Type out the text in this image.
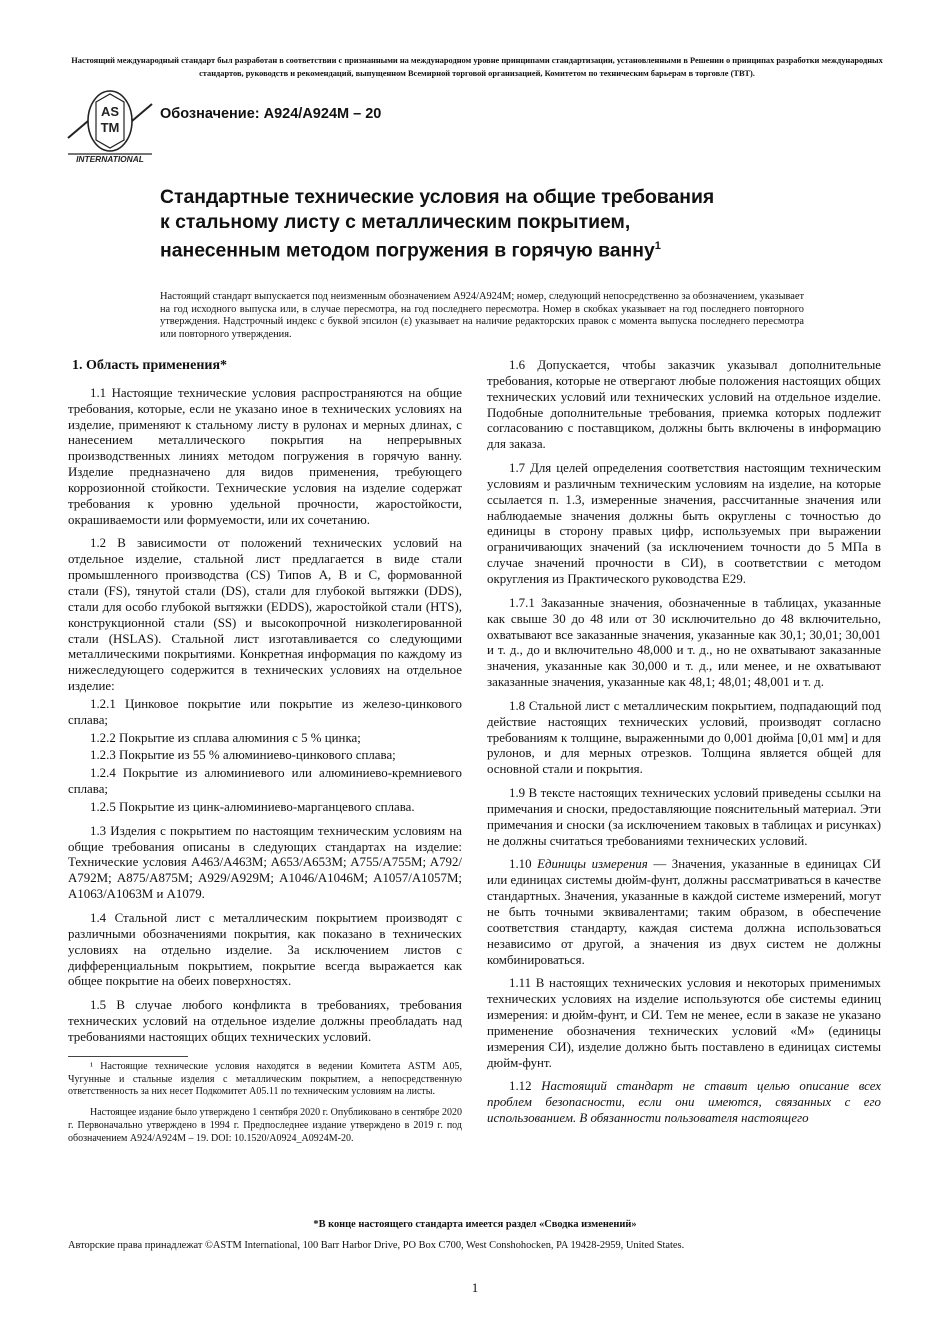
Настоящий международный стандарт был разработан в соответствии с признанными на международном уровне принципами стандартизации, установленными в Решении о принципах разработки международных стандартов, руководств и рекомендаций, выпущенном Всемирной торговой организацией, Комитетом по техническим барьерам в торговле (ТВТ).
AS
TM
INTERNATIONAL
Обозначение: A924/A924M – 20
Стандартные технические условия на общие требования
к стальному листу с металлическим покрытием,
нанесенным методом погружения в горячую ванну$^1$

Настоящий стандарт выпускается под неизменным обозначением A924/A924M; номер, следующий непосредственно за обозначением, указывает на год исходного выпуска или, в случае пересмотра, на год последнего пересмотра. Номер в скобках указывает на год последнего повторного утверждения. Надстрочный индекс с буквой эпсилон (ε) указывает на наличие редакторских правок с момента выпуска последнего пересмотра или повторного утверждения.

1. Область применения*

1.1 Настоящие технические условия распространяются на общие требования, которые, если не указано иное в технических условиях на изделие, применяют к стальному листу в рулонах и мерных длинах, с нанесением металлического покрытия на непрерывных производственных линиях методом погружения в горячую ванну. Изделие предназначено для видов применения, требующего коррозионной стойкости. Технические условия на изделие содержат требования к уровню удельной прочности, жаростойкости, окрашиваемости или формуемости, или их сочетанию.

1.2 В зависимости от положений технических условий на отдельное изделие, стальной лист предлагается в виде стали промышленного производства (CS) Типов A, B и C, формованной стали (FS), тянутой стали (DS), стали для глубокой вытяжки (DDS), стали для особо глубокой вытяжки (EDDS), жаростойкой стали (HTS), конструкционной стали (SS) и высокопрочной низколегированной стали (HSLAS). Стальной лист изготавливается со следующими металлическими покрытиями. Конкретная информация по каждому из нижеследующего содержится в технических условиях на отдельное изделие:

1.2.1 Цинковое покрытие или покрытие из железо-цинкового сплава;

1.2.2 Покрытие из сплава алюминия с 5 % цинка;

1.2.3 Покрытие из 55 % алюминиево-цинкового сплава;

1.2.4 Покрытие из алюминиевого или алюминиево-кремниевого сплава;

1.2.5 Покрытие из цинк-алюминиево-марганцевого сплава.

1.3 Изделия с покрытием по настоящим техническим условиям на общие требования описаны в следующих стандартах на изделие: Технические условия A463/A463M; A653/A653M; A755/A755M; A792/ A792M; A875/A875M; A929/A929M; A1046/A1046M; A1057/A1057M; A1063/A1063M и A1079.

1.4 Стальной лист с металлическим покрытием производят с различными обозначениями покрытия, как показано в технических условиях на отдельно изделие. За исключением листов с дифференциальным покрытием, покрытие всегда выражается как общее покрытие на обеих поверхностях.

1.5 В случае любого конфликта в требованиях, требования технических условий на отдельное изделие должны преобладать над требованиями настоящих общих технических условий.

¹ Настоящие технические условия находятся в ведении Комитета ASTM A05, Чугунные и стальные изделия с металлическим покрытием, а непосредственную ответственность за них несет Подкомитет A05.11 по техническим условиям на листы.

Настоящее издание было утверждено 1 сентября 2020 г. Опубликовано в сентябре 2020 г. Первоначально утверждено в 1994 г. Предпоследнее издание утверждено в 2019 г. под обозначением A924/A924M – 19. DOI: 10.1520/A0924_A0924M-20.

1.6 Допускается, чтобы заказчик указывал дополнительные требования, которые не отвергают любые положения настоящих общих технических условий или технических условий на отдельное изделие. Подобные дополнительные требования, приемка которых подлежит согласованию с поставщиком, должны быть включены в информацию для заказа.

1.7 Для целей определения соответствия настоящим техническим условиям и различным техническим условиям на изделие, на которые ссылается п. 1.3, измеренные значения, рассчитанные значения или наблюдаемые значения должны быть округлены с точностью до единицы в сторону правых цифр, используемых при выражении ограничивающих значений (за исключением точности до 5 МПа в случае значений прочности в СИ), в соответствии с методом округления из Практического руководства E29.

1.7.1 Заказанные значения, обозначенные в таблицах, указанные как свыше 30 до 48 или от 30 исключительно до 48 включительно, охватывают все заказанные значения, указанные как 30,1; 30,01; 30,001 и т. д., до и включительно 48,000 и т. д., но не охватывают заказанные значения, указанные как 30,000 и т. д., или менее, и не охватывают заказанные значения, указанные как 48,1; 48,01; 48,001 и т. д.

1.8 Стальной лист с металлическим покрытием, подпадающий под действие настоящих технических условий, производят согласно требованиям к толщине, выраженными до 0,001 дюйма [0,01 мм] и для рулонов, и для мерных отрезков. Толщина является общей для основной стали и покрытия.

1.9 В тексте настоящих технических условий приведены ссылки на примечания и сноски, предоставляющие пояснительный материал. Эти примечания и сноски (за исключением таковых в таблицах и рисунках) не должны считаться требованиями технических условий.

1.10 Единицы измерения — Значения, указанные в единицах СИ или единицах системы дюйм-фунт, должны рассматриваться в качестве стандартных. Значения, указанные в каждой системе измерений, могут не быть точными эквивалентами; таким образом, в обеспечение соответствия стандарту, каждая система должна использоваться независимо от другой, а значения из двух систем не должны комбинироваться.

1.11 В настоящих технических условия и некоторых применимых технических условиях на изделие используются обе системы единиц измерения: и дюйм-фунт, и СИ. Тем не менее, если в заказе не указано применение обозначения технических условий «M» (единицы измерения СИ), изделие должно быть поставлено в единицах системы дюйм-фунт.

1.12 Настоящий стандарт не ставит целью описание всех проблем безопасности, если они имеются, связанных с его использованием. В обязанности пользователя настоящего

*В конце настоящего стандарта имеется раздел «Сводка изменений»
Авторские права принадлежат ©ASTM International, 100 Barr Harbor Drive, PO Box C700, West Conshohocken, PA 19428-2959, United States.
1
